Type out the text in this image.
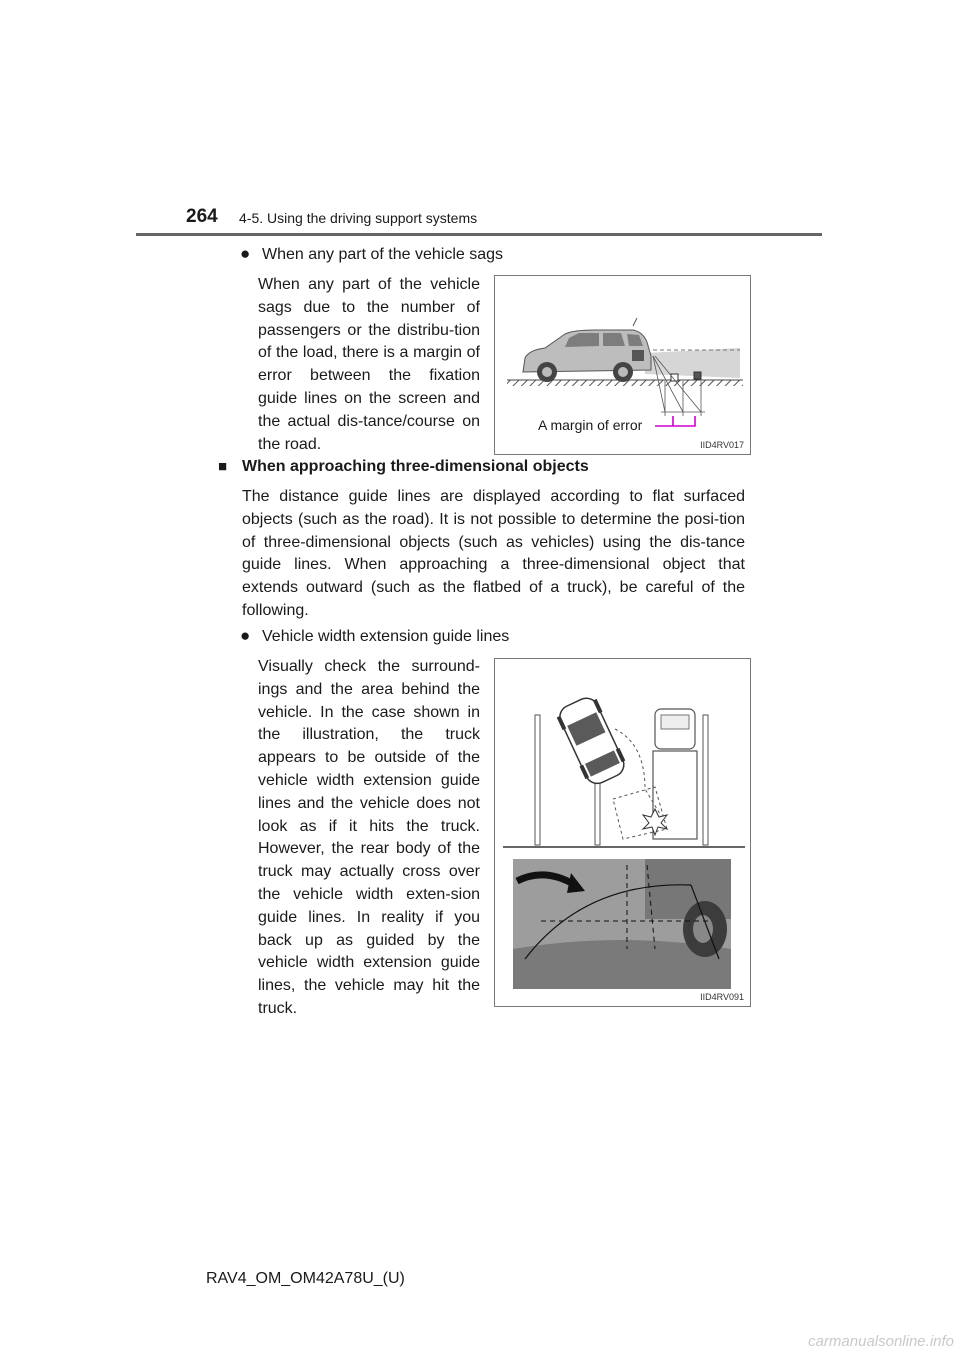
264 4-5. Using the driving support systems
● When any part of the vehicle sags
When any part of the vehicle sags due to the number of passengers or the distribu-tion of the load, there is a margin of error between the fixation guide lines on the screen and the actual dis-tance/course on the road.
A margin of error
IID4RV017
■ When approaching three-dimensional objects
The distance guide lines are displayed according to flat surfaced objects (such as the road). It is not possible to determine the posi-tion of three-dimensional objects (such as vehicles) using the dis-tance guide lines. When approaching a three-dimensional object that extends outward (such as the flatbed of a truck), be careful of the following.
● Vehicle width extension guide lines
Visually check the surround-ings and the area behind the vehicle. In the case shown in the illustration, the truck appears to be outside of the vehicle width extension guide lines and the vehicle does not look as if it hits the truck. However, the rear body of the truck may actually cross over the vehicle width exten-sion guide lines. In reality if you back up as guided by the vehicle width extension guide lines, the vehicle may hit the truck.
IID4RV091
RAV4_OM_OM42A78U_(U)
carmanualsonline.info
